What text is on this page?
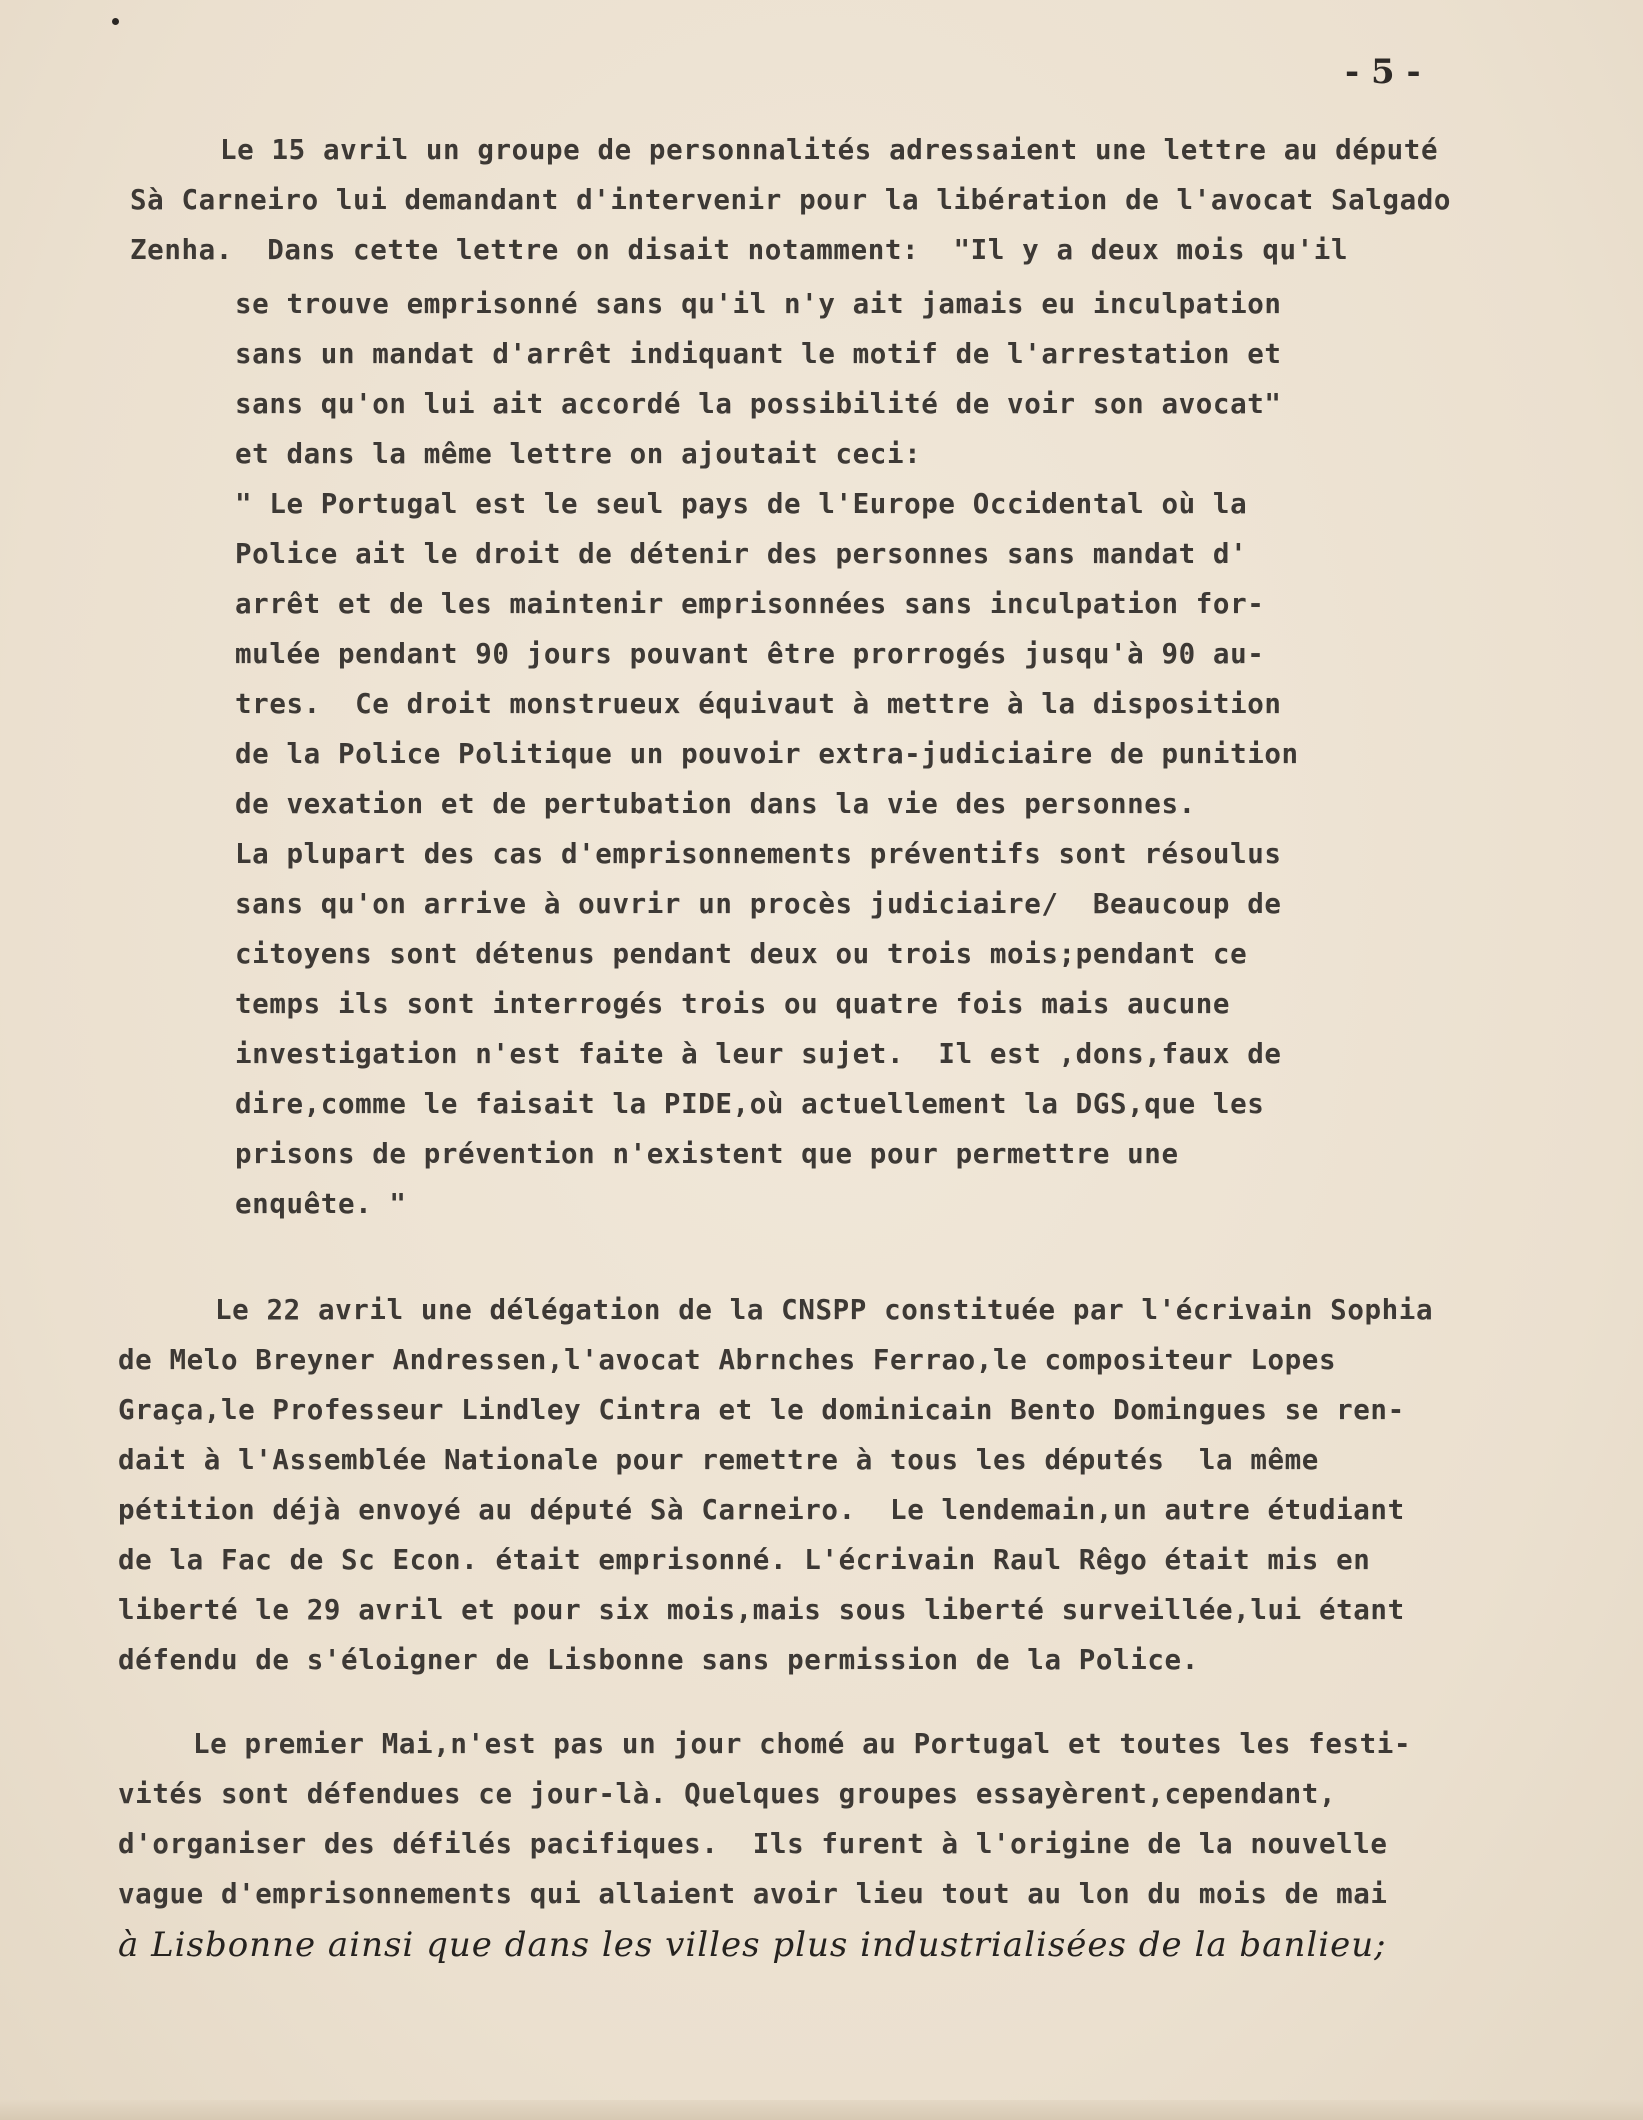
- 5 -
Le 15 avril un groupe de personnalités adressaient une lettre au député
Sà Carneiro lui demandant d'intervenir pour la libération de l'avocat Salgado
Zenha.  Dans cette lettre on disait notamment:  "Il y a deux mois qu'il
se trouve emprisonné sans qu'il n'y ait jamais eu inculpation
sans un mandat d'arrêt indiquant le motif de l'arrestation et
sans qu'on lui ait accordé la possibilité de voir son avocat"
et dans la même lettre on ajoutait ceci:
" Le Portugal est le seul pays de l'Europe Occidental où la
Police ait le droit de détenir des personnes sans mandat d'
arrêt et de les maintenir emprisonnées sans inculpation for-
mulée pendant 90 jours pouvant être prorrogés jusqu'à 90 au-
tres.  Ce droit monstrueux équivaut à mettre à la disposition
de la Police Politique un pouvoir extra-judiciaire de punition
de vexation et de pertubation dans la vie des personnes.
La plupart des cas d'emprisonnements préventifs sont résoulus
sans qu'on arrive à ouvrir un procès judiciaire/  Beaucoup de
citoyens sont détenus pendant deux ou trois mois;pendant ce
temps ils sont interrogés trois ou quatre fois mais aucune
investigation n'est faite à leur sujet.  Il est ,dons,faux de
dire,comme le faisait la PIDE,où actuellement la DGS,que les
prisons de prévention n'existent que pour permettre une
enquête. "
Le 22 avril une délégation de la CNSPP constituée par l'écrivain Sophia
de Melo Breyner Andressen,l'avocat Abrnches Ferrao,le compositeur Lopes
Graça,le Professeur Lindley Cintra et le dominicain Bento Domingues se ren-
dait à l'Assemblée Nationale pour remettre à tous les députés  la même
pétition déjà envoyé au député Sà Carneiro.  Le lendemain,un autre étudiant
de la Fac de Sc Econ. était emprisonné. L'écrivain Raul Rêgo était mis en
liberté le 29 avril et pour six mois,mais sous liberté surveillée,lui étant
défendu de s'éloigner de Lisbonne sans permission de la Police.
Le premier Mai,n'est pas un jour chomé au Portugal et toutes les festi-
vités sont défendues ce jour-là. Quelques groupes essayèrent,cependant,
d'organiser des défilés pacifiques.  Ils furent à l'origine de la nouvelle
vague d'emprisonnements qui allaient avoir lieu tout au lon du mois de mai
à Lisbonne ainsi que dans les villes plus industrialisées de la banlieu;
